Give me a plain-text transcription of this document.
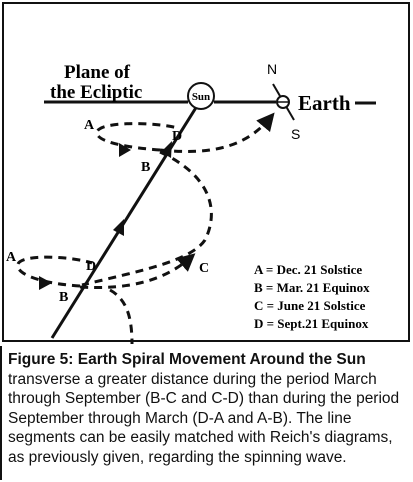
Plane of
the Ecliptic	Sun
N
S
Earth
A
D
B
A
D
B
C	A = Dec. 21 Solstice
B = Mar. 21 Equinox
C = June 21 Solstice
D = Sept.21 Equinox
Figure 5: Earth Spiral Movement Around the Sun transverse a greater distance during the period March through September (B-C and C-D) than during the period September through March (D-A and A-B). The line segments can be easily matched with Reich's diagrams, as previously given, regarding the spinning wave.
